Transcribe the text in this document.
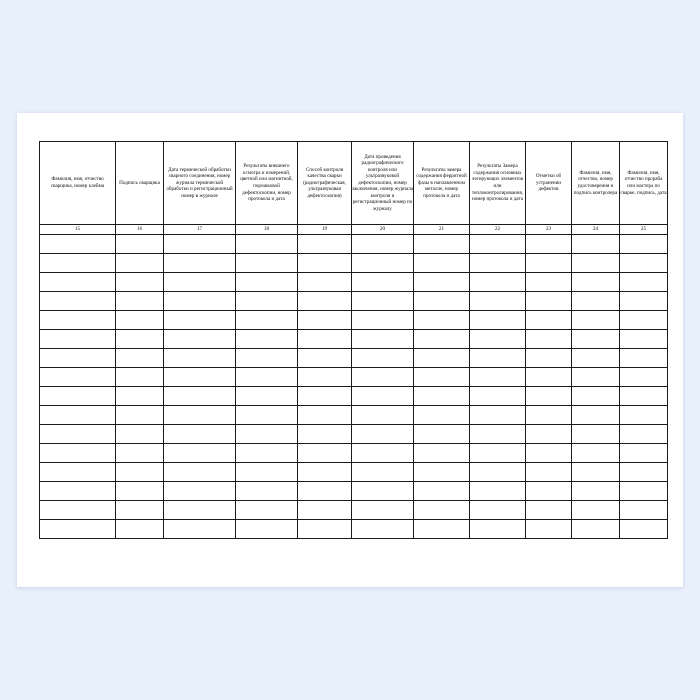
Фамилия, имя, отчество сварщика, номер клейма	Подпись сварщика	Дата термической обработки сварного соединения, номер журнала термической обработки и регистрационный номер в журнале	Результаты внешнего осмотра и измерений, цветной или магнитной, порошковой дефектоскопии, номер протокола и дата	Способ контроля качества сварки (радиографическая, ультразвуковая дефектоскопия)	Дата проведения радиографического контроля или ультразвуковой дефектоскопии, номер заключения, номер журнала контроля и регистрационный номер по журналу	Результаты замера содержания ферритной фазы в наплавленном металле, номер протокола и дата	Результаты Замера содержания основных легирующих элементов или теплоконтролирования, номер протокола и дата	Отметки об устранении дефектов	Фамилия, имя, отчество, номер удостоверения и подпись контролера	Фамилия, имя, отчество прораба или мастера по сварке, подпись, дата

15	16	17	18	19	20	21	22	23	24	25
